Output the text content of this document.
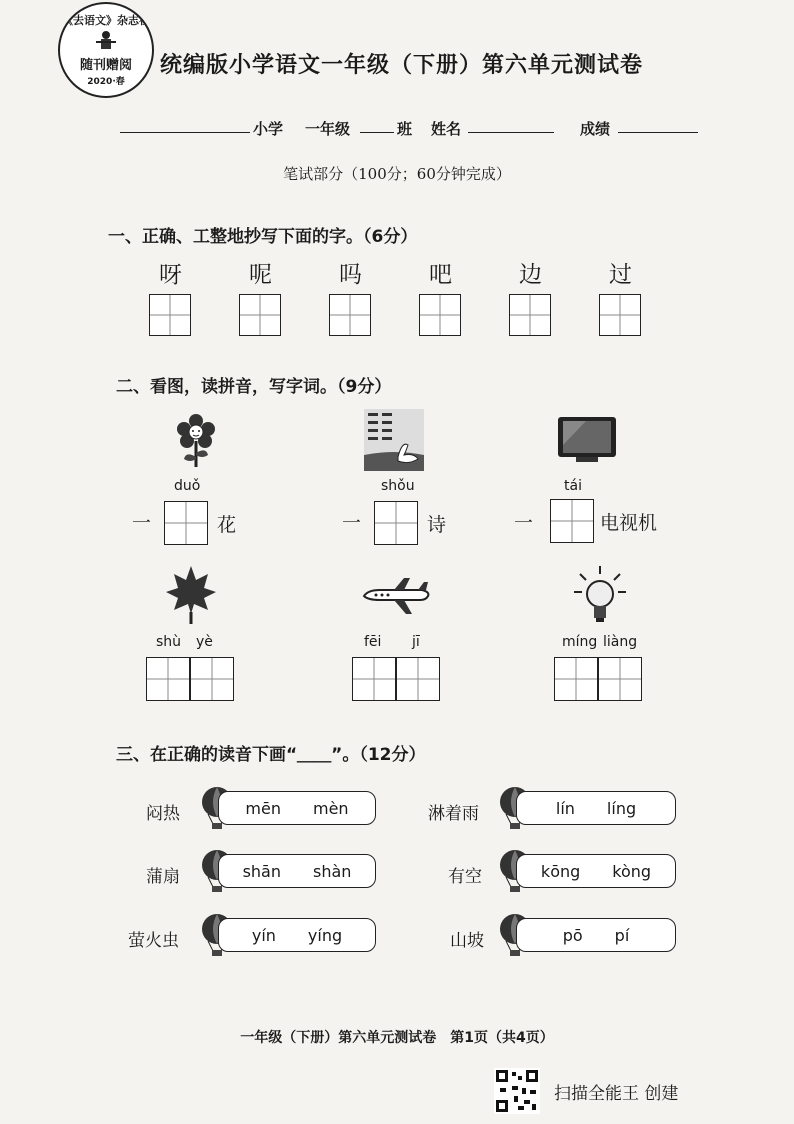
《去语文》杂志社
随刊赠阅
2020·春
统编版小学语文一年级（下册）第六单元测试卷
小学 一年级	班 姓名	成绩
笔试部分（100分；60分钟完成）
一、正确、工整地抄写下面的字。（6分）
呀	呢	吗	吧	边	过
二、看图，读拼音，写字词。（9分）
duǒ	shǒu	tái
一	花	一	诗	一	电视机
shù yè	fēi jī	míng liàng
三、在正确的读音下画“＿＿”。（12分）
闷热	mēn mèn	淋着雨	lín líng
蒲扇	shān shàn	有空	kōng kòng
萤火虫	yín yíng	山坡	pō pí
一年级（下册）第六单元测试卷　第1页（共4页）
扫描全能王 创建
